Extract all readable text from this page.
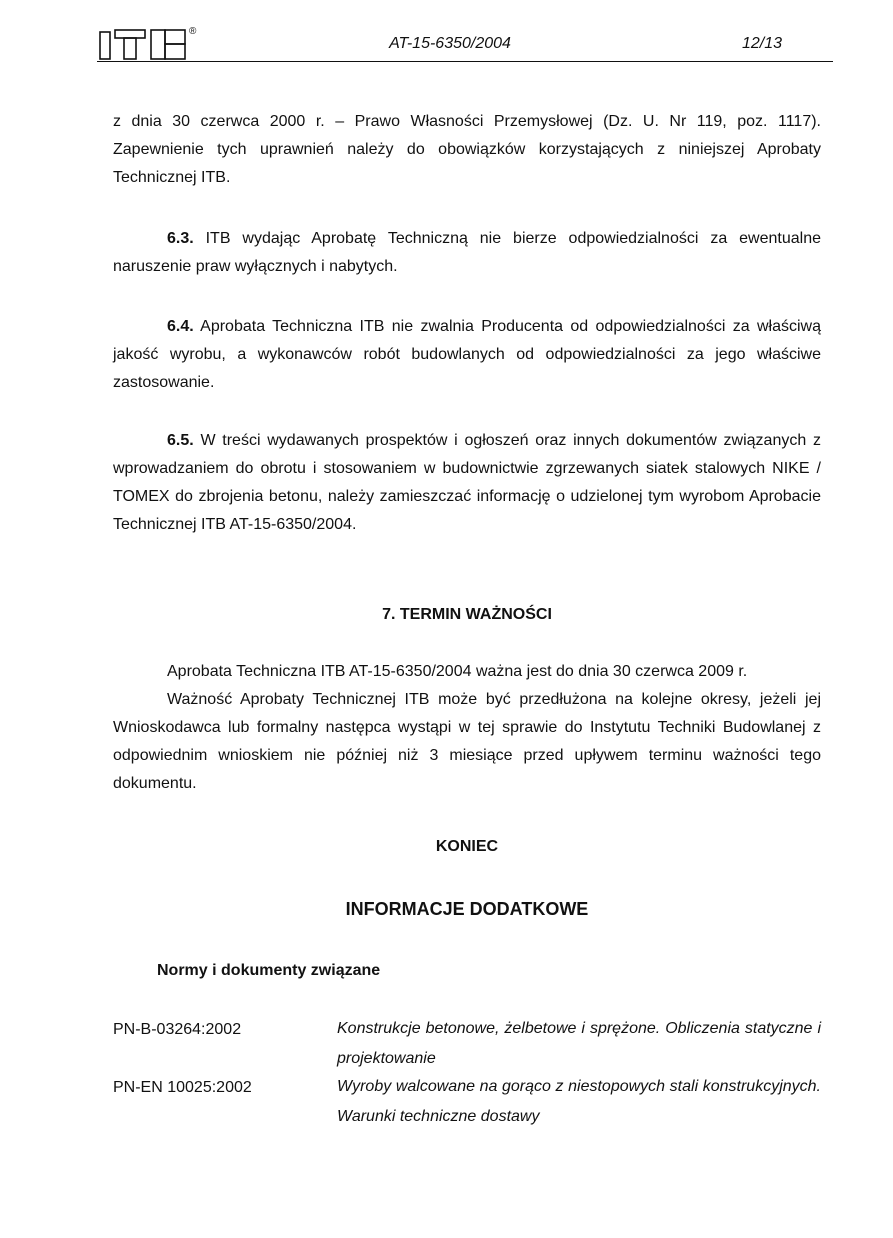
®
AT-15-6350/2004	12/13

z dnia 30 czerwca 2000 r. – Prawo Własności Przemysłowej (Dz. U. Nr 119, poz. 1117). Zapewnienie tych uprawnień należy do obowiązków korzystających z niniejszej Aprobaty Technicznej ITB.

6.3. ITB wydając Aprobatę Techniczną nie bierze odpowiedzialności za ewentualne naruszenie praw wyłącznych i nabytych.

6.4. Aprobata Techniczna ITB nie zwalnia Producenta od odpowiedzialności za właściwą jakość wyrobu, a wykonawców robót budowlanych od odpowiedzialności za jego właściwe zastosowanie.

6.5. W treści wydawanych prospektów i ogłoszeń oraz innych dokumentów związanych z wprowadzaniem do obrotu i stosowaniem w budownictwie zgrzewanych siatek stalowych NIKE / TOMEX do zbrojenia betonu, należy zamieszczać informację o udzielonej tym wyrobom Aprobacie Technicznej ITB AT-15-6350/2004.

7. TERMIN WAŻNOŚCI

Aprobata Techniczna ITB AT-15-6350/2004 ważna jest do dnia 30 czerwca 2009 r.

Ważność Aprobaty Technicznej ITB może być przedłużona na kolejne okresy, jeżeli jej Wnioskodawca lub formalny następca wystąpi w tej sprawie do Instytutu Techniki Budowlanej z odpowiednim wnioskiem nie później niż 3 miesiące przed upływem terminu ważności tego dokumentu.

KONIEC
INFORMACJE DODATKOWE
Normy i dokumenty związane
PN-B-03264:2002	Konstrukcje betonowe, żelbetowe i sprężone. Obliczenia statyczne i projektowanie

PN-EN 10025:2002	Wyroby walcowane na gorąco z niestopowych stali konstrukcyjnych. Warunki techniczne dostawy
